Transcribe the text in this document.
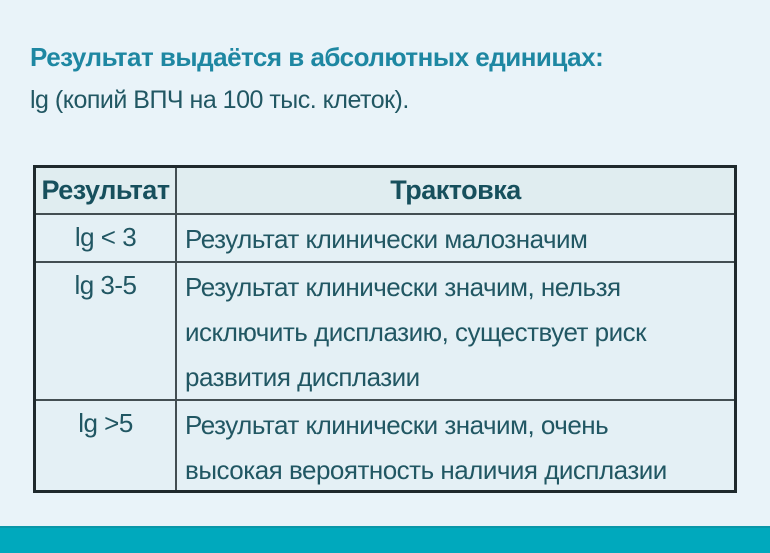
Результат выдаётся в абсолютных единицах:
lg (копий ВПЧ на 100 тыс. клеток).
Результат	Трактовка
lg < 3	Результат клинически малозначим
lg 3-5	Результат клинически значим, нельзя
исключить дисплазию, существует риск
развития дисплазии
lg >5	Результат клинически значим, очень
высокая вероятность наличия дисплазии
